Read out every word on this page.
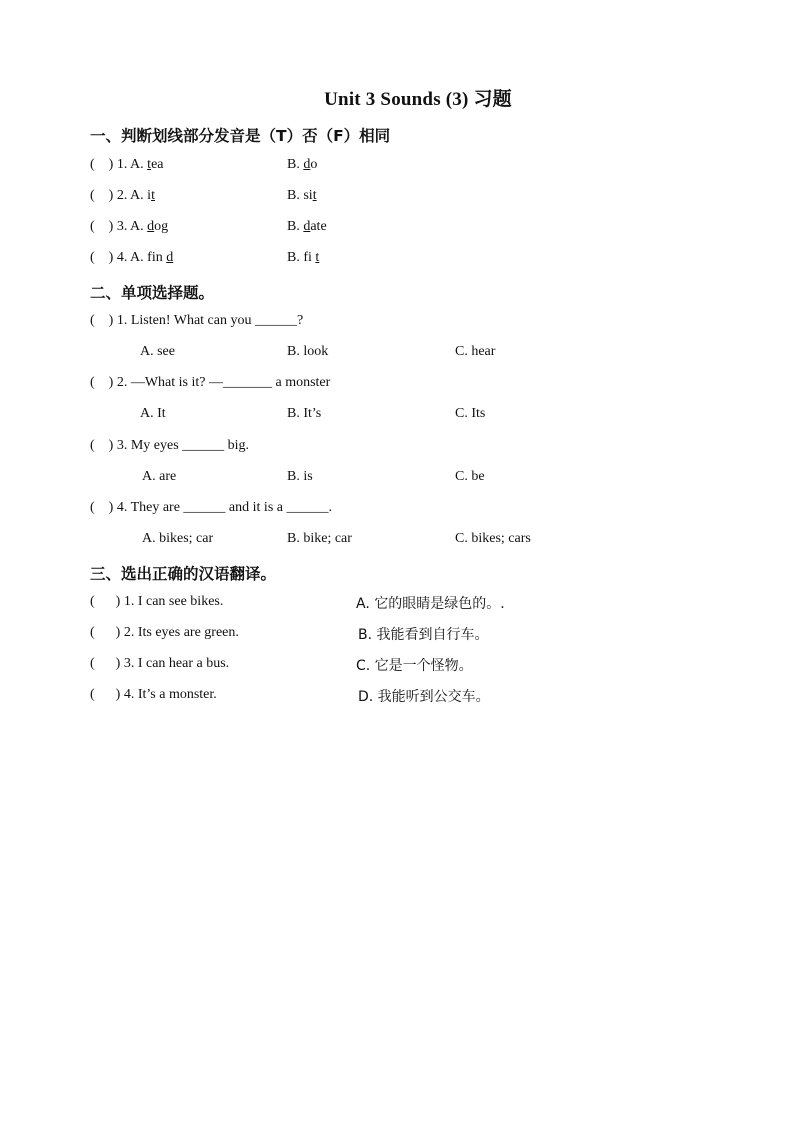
Unit 3 Sounds (3) 习题
一、判断划线部分发音是（T）否（F）相同
(    ) 1. A. tea	B. do
(    ) 2. A. it	B. sit
(    ) 3. A. dog	B. date
(    ) 4. A. fin d	B. fi t
二、单项选择题。
(    ) 1. Listen! What can you ______?
A. see	B. look	C. hear
(    ) 2. —What is it? —_______ a monster
A. It	B. It’s	C. Its
(    ) 3. My eyes ______ big.
A. are	B. is	C. be
(    ) 4. They are ______ and it is a ______.
A. bikes; car	B. bike; car	C. bikes; cars
三、选出正确的汉语翻译。
(      ) 1. I can see bikes.	A. 它的眼睛是绿色的。.
(      ) 2. Its eyes are green.	B. 我能看到自行车。
(      ) 3. I can hear a bus.	C. 它是一个怪物。
(      ) 4. It’s a monster.	D. 我能听到公交车。
